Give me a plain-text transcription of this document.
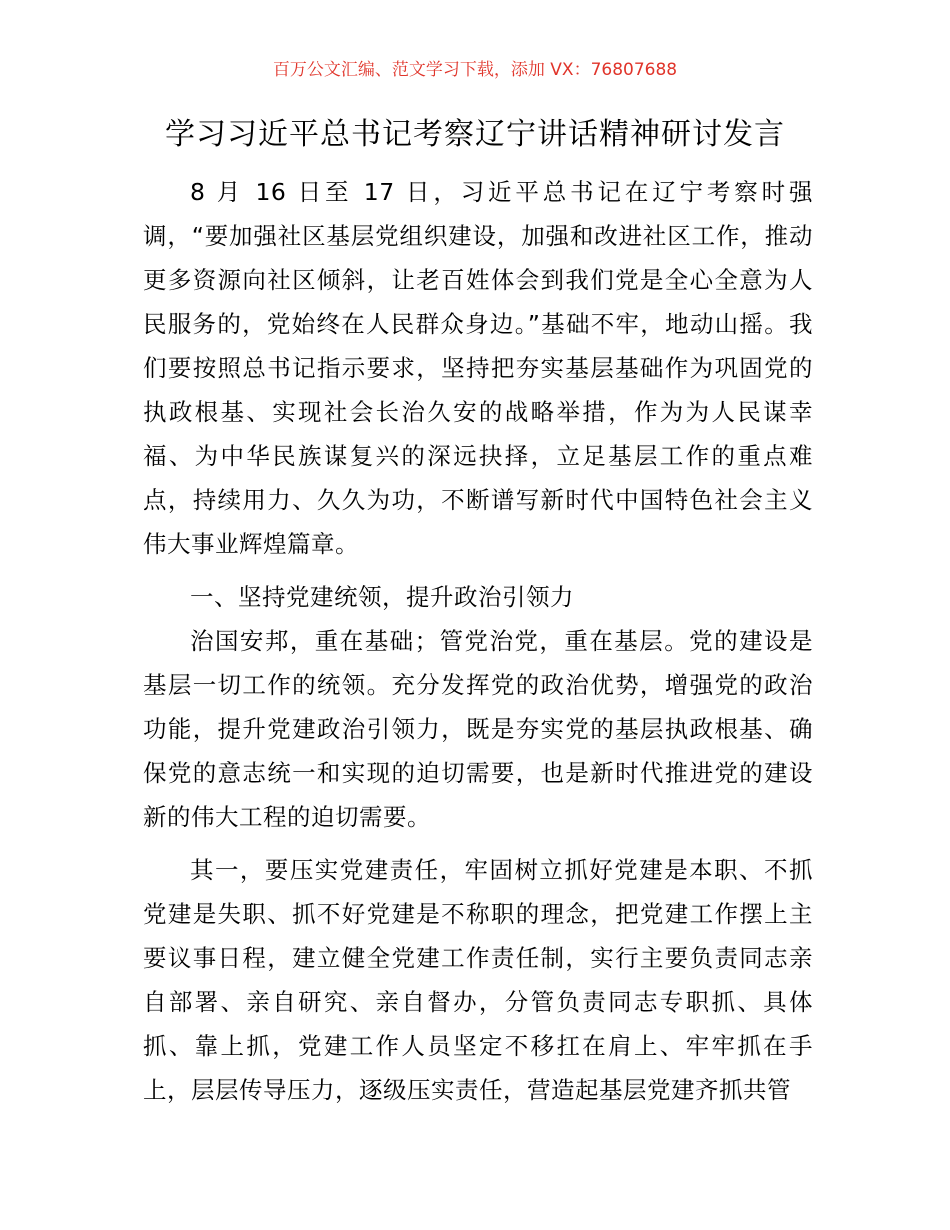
百万公文汇编、范文学习下载，添加 VX：76807688
学习习近平总书记考察辽宁讲话精神研讨发言

8 月 16 日至 17 日，习近平总书记在辽宁考察时强调，“要加强社区基层党组织建设，加强和改进社区工作，推动更多资源向社区倾斜，让老百姓体会到我们党是全心全意为人民服务的，党始终在人民群众身边。”基础不牢，地动山摇。我们要按照总书记指示要求，坚持把夯实基层基础作为巩固党的执政根基、实现社会长治久安的战略举措，作为为人民谋幸福、为中华民族谋复兴的深远抉择，立足基层工作的重点难点，持续用力、久久为功，不断谱写新时代中国特色社会主义伟大事业辉煌篇章。

一、坚持党建统领，提升政治引领力

治国安邦，重在基础；管党治党，重在基层。党的建设是基层一切工作的统领。充分发挥党的政治优势，增强党的政治功能，提升党建政治引领力，既是夯实党的基层执政根基、确保党的意志统一和实现的迫切需要，也是新时代推进党的建设新的伟大工程的迫切需要。

其一，要压实党建责任，牢固树立抓好党建是本职、不抓党建是失职、抓不好党建是不称职的理念，把党建工作摆上主要议事日程，建立健全党建工作责任制，实行主要负责同志亲自部署、亲自研究、亲自督办，分管负责同志专职抓、具体抓、靠上抓，党建工作人员坚定不移扛在肩上、牢牢抓在手上，层层传导压力，逐级压实责任，营造起基层党建齐抓共管
